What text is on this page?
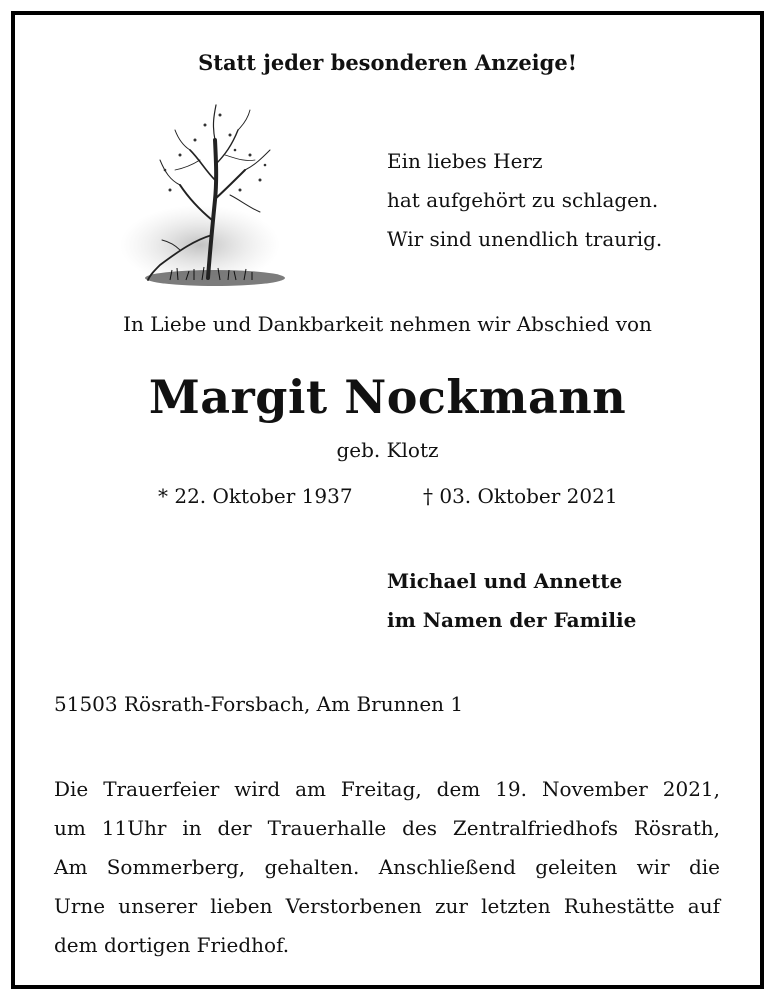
Statt jeder besonderen Anzeige!
Ein liebes Herz
hat aufgehört zu schlagen.
Wir sind unendlich traurig.
In Liebe und Dankbarkeit nehmen wir Abschied von
Margit Nockmann
geb. Klotz
* 22. Oktober 1937	† 03. Oktober 2021
Michael und Annette
im Namen der Familie
51503 Rösrath-Forsbach, Am Brunnen 1
Die Trauerfeier wird am Freitag, dem 19. November 2021,
um 11Uhr in der Trauerhalle des Zentralfriedhofs Rösrath,
Am Sommerberg, gehalten. Anschließend geleiten wir die
Urne unserer lieben Verstorbenen zur letzten Ruhestätte auf
dem dortigen Friedhof.
